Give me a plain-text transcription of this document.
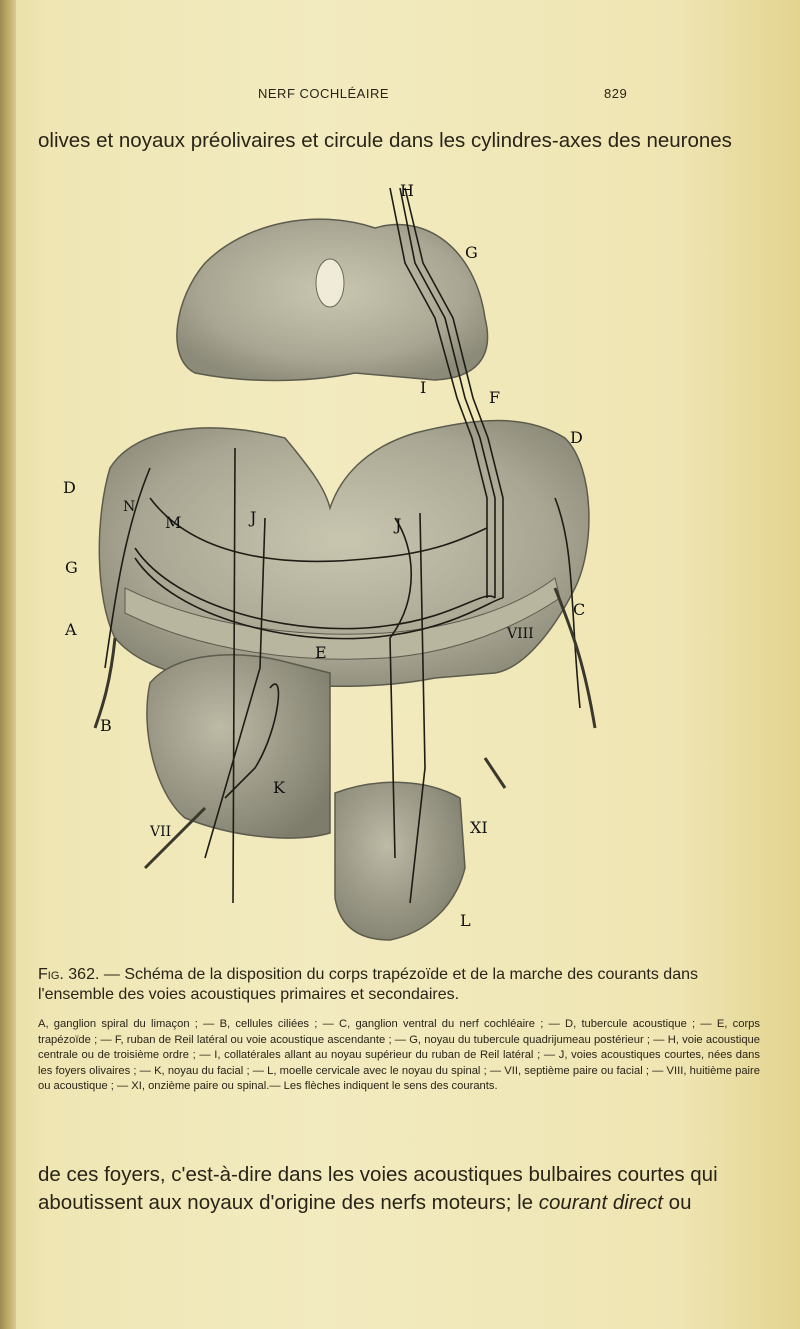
NERF COCHLÉAIRE	829
olives et noyaux préolivaires et circule dans les cylindres-axes des neurones
H
G
I
F
D
D
M
N
J	J
G
C
VIII
A
E
B
K
VII	XI
L
Fig. 362. — Schéma de la disposition du corps trapézoïde et de la marche des courants dans l'ensemble des voies acoustiques primaires et secondaires.

A, ganglion spiral du limaçon ; — B, cellules ciliées ; — C, ganglion ventral du nerf cochléaire ; — D, tubercule acoustique ; — E, corps trapézoïde ; — F, ruban de Reil latéral ou voie acoustique ascendante ; — G, noyau du tubercule quadrijumeau postérieur ; — H, voie acoustique centrale ou de troisième ordre ; — I, collatérales allant au noyau supérieur du ruban de Reil latéral ; — J, voies acoustiques courtes, nées dans les foyers olivaires ; — K, noyau du facial ; — L, moelle cervicale avec le noyau du spinal ; — VII, septième paire ou facial ; — VIII, huitième paire ou acoustique ; — XI, onzième paire ou spinal.— Les flèches indiquent le sens des courants.

de ces foyers, c'est-à-dire dans les voies acoustiques bulbaires courtes qui
aboutissent aux noyaux d'origine des nerfs moteurs; le courant direct ou
